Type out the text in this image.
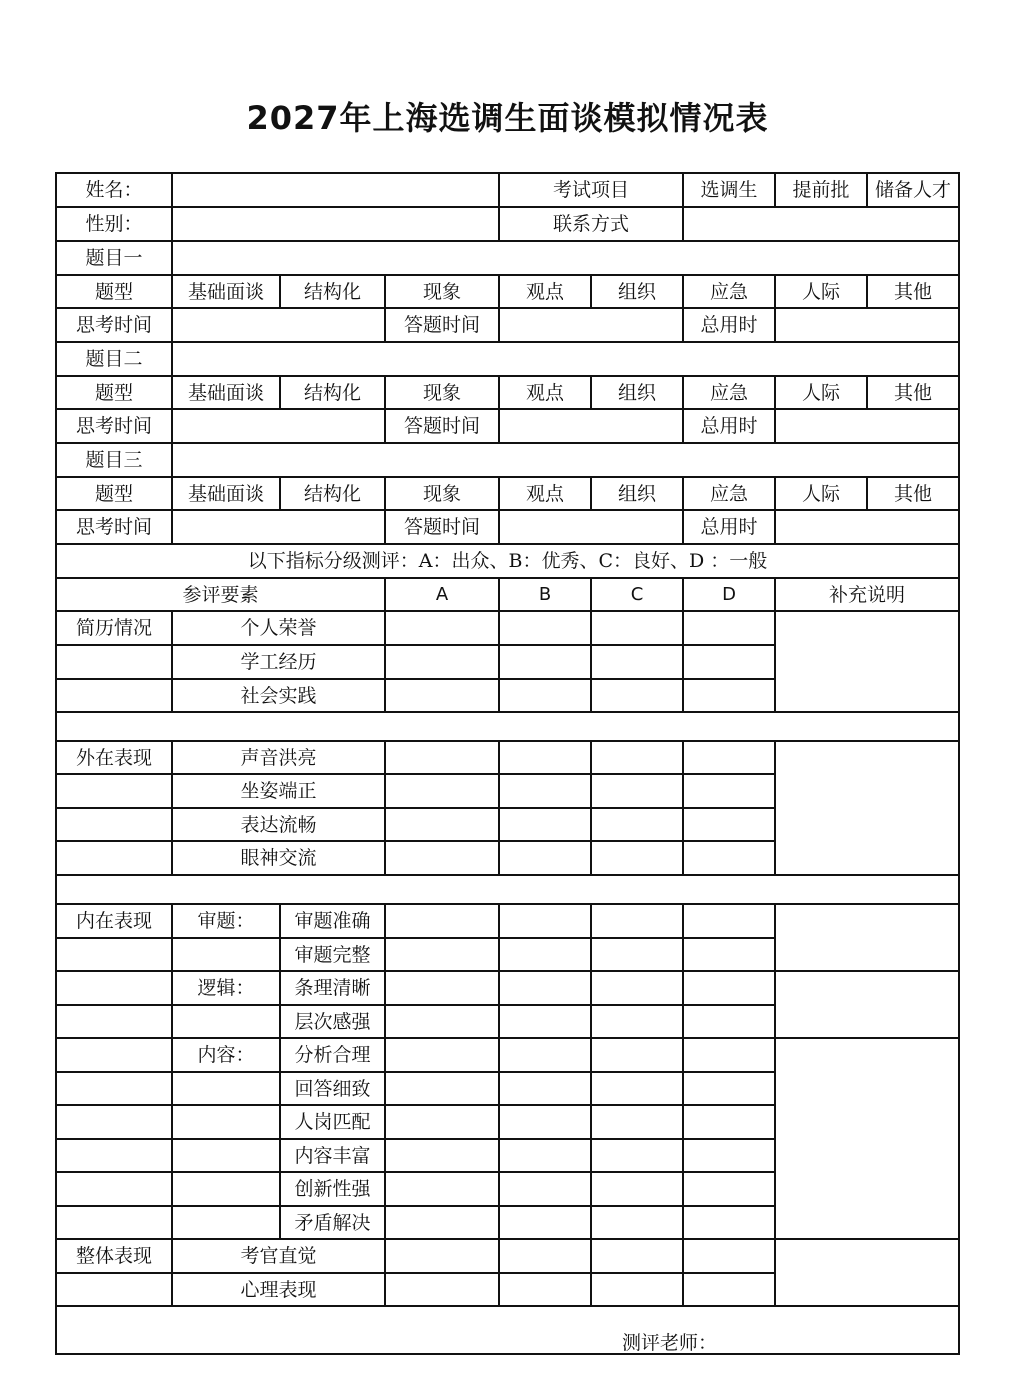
2027年上海选调生面谈模拟情况表
姓名：				考试项目		选调生	提前批	储备人才
性别：				联系方式				
题目一								
题型	基础面谈	结构化	现象	观点	组织	应急	人际	其他
思考时间			答题时间			总用时		
题目二								
题型	基础面谈	结构化	现象	观点	组织	应急	人际	其他
思考时间			答题时间			总用时		
题目三								
题型	基础面谈	结构化	现象	观点	组织	应急	人际	其他
思考时间			答题时间			总用时		
以下指标分级测评：A：出众、B：优秀、C：良好、D ：一般								
参评要素			A	B	C	D	补充说明	
简历情况	个人荣誉							
	学工经历							
	社会实践							

外在表现	声音洪亮							
	坐姿端正							
	表达流畅							
	眼神交流							

内在表现	审题：	审题准确						
		审题完整						
	逻辑：	条理清晰						
		层次感强						
	内容：	分析合理						
		回答细致						
		人岗匹配						
		内容丰富						
		创新性强						
		矛盾解决						
整体表现	考官直觉							
	心理表现							
测评老师：								
